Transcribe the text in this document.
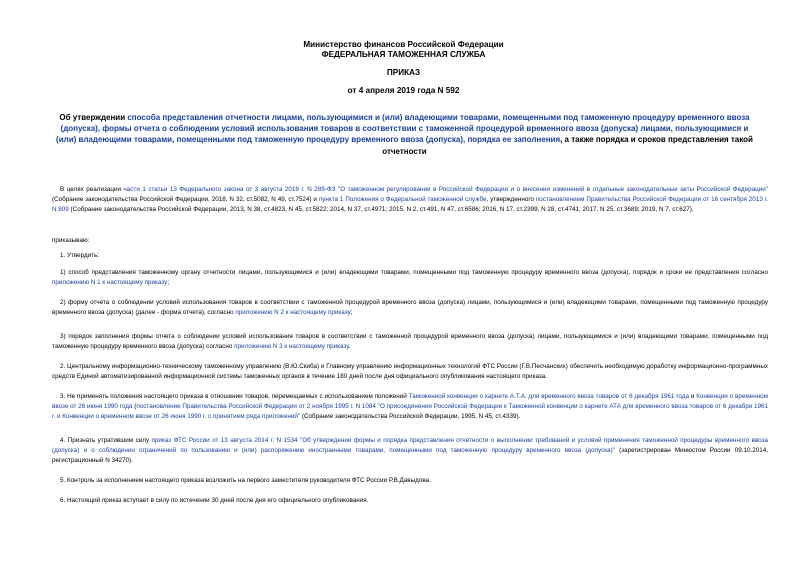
Министерство финансов Российской Федерации
ФЕДЕРАЛЬНАЯ ТАМОЖЕННАЯ СЛУЖБА
ПРИКАЗ
от 4 апреля 2019 года N 592
Об утверждении способа представления отчетности лицами, пользующимися и (или) владеющими товарами, помещенными под таможенную процедуру временного ввоза (допуска), формы отчета о соблюдении условий использования товаров в соответствии с таможенной процедурой временного ввоза (допуска) лицами, пользующимися и (или) владеющими товарами, помещенными под таможенную процедуру временного ввоза (допуска), порядка ее заполнения, а также порядка и сроков представления такой отчетности
В целях реализации части 1 статьи 13 Федерального закона от 3 августа 2018 г. N 289-ФЗ "О таможенном регулировании в Российской Федерации и о внесении изменений в отдельные законодательные акты Российской Федерации" (Собрание законодательства Российской Федерации, 2018, N 32, ст.5082, N 49, ст.7524) и пункта 1 Положения о Федеральной таможенной службе, утвержденного постановлением Правительства Российской Федерации от 16 сентября 2013 г. N 809 (Собрание законодательства Российской Федерации, 2013, N 38, ст.4823, N 45, ст.5822; 2014, N 37, ст.4971; 2015, N 2, ст.491, N 47, ст.6586; 2016, N 17, ст.2399, N 28, ст.4741; 2017, N 25, ст.3689; 2019, N 7, ст.627),
приказываю:
1. Утвердить:
1) способ представления таможенному органу отчетности лицами, пользующимися и (или) владеющими товарами, помещенными под таможенную процедуру временного ввоза (допуска), порядок и сроки ее представления согласно приложению N 1 к настоящему приказу;
2) форму отчета о соблюдении условий использования товаров в соответствии с таможенной процедурой временного ввоза (допуска) лицами, пользующимися и (или) владеющими товарами, помещенными под таможенную процедуру временного ввоза (допуска) (далее - форма отчета), согласно приложению N 2 к настоящему приказу;
3) порядок заполнения формы отчета о соблюдении условий использования товаров в соответствии с таможенной процедурой временного ввоза (допуска) лицами, пользующимися и (или) владеющими товарами, помещенными под таможенную процедуру временного ввоза (допуска) согласно приложению N 3 к настоящему приказу.
2. Центральному информационно-техническому таможенному управлению (В.Ю.Скиба) и Главному управлению информационных технологий ФТС России (Г.В.Песчанских) обеспечить необходимую доработку информационно-программных средств Единой автоматизированной информационной системы таможенных органов в течение 180 дней после дня официального опубликования настоящего приказа.
3. Не применять положения настоящего приказа в отношении товаров, перемещаемых с использованием положений Таможенной конвенции о карнете А.Т.А. для временного ввоза товаров от 6 декабря 1961 года и Конвенции о временном ввозе от 26 июня 1990 года (постановление Правительства Российской Федерации от 2 ноября 1995 г. N 1084 "О присоединении Российской Федерации к Таможенной конвенции о карнете АТА для временного ввоза товаров от 6 декабря 1961 г. и Конвенции о временном ввозе от 26 июня 1990 г. с принятием ряда приложений" (Собрание законодательства Российской Федерации, 1995, N 45, ст.4339).
4. Признать утратившим силу приказ ФТС России от 13 августа 2014 г. N 1534 "Об утверждении формы и порядка представления отчетности о выполнении требований и условий применения таможенной процедуры временного ввоза (допуска) и о соблюдении ограничений по пользованию и (или) распоряжению иностранными товарами, помещенными под таможенную процедуру временного ввоза (допуска)" (зарегистрирован Минюстом России 09.10.2014, регистрационный N 34270).
5. Контроль за исполнением настоящего приказа возложить на первого заместителя руководителя ФТС России Р.В.Давыдова.
6. Настоящий приказ вступает в силу по истечении 30 дней после дня его официального опубликования.
